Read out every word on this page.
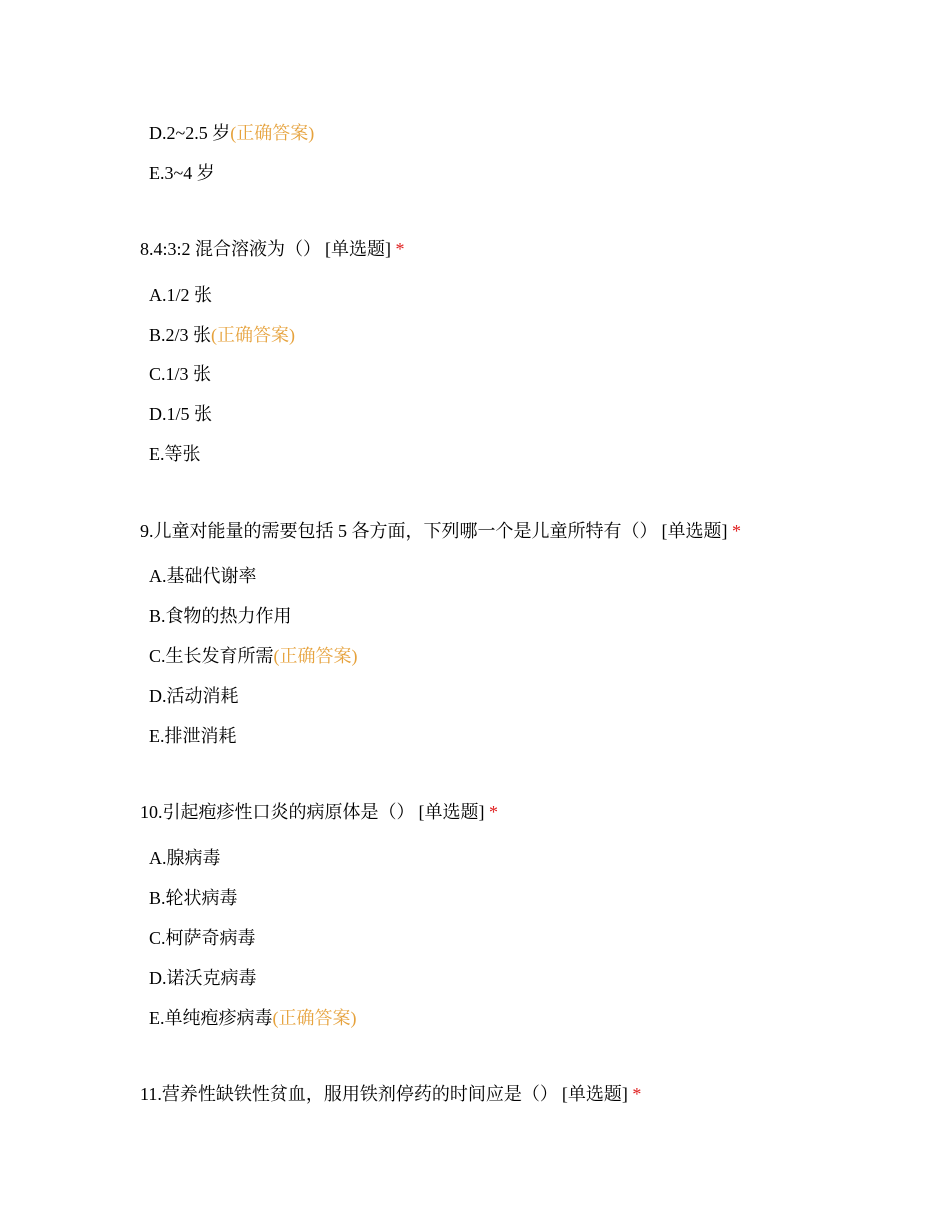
D.2~2.5 岁(正确答案)
E.3~4 岁
8.4:3:2 混合溶液为（） [单选题] *
A.1/2 张
B.2/3 张(正确答案)
C.1/3 张
D.1/5 张
E.等张
9.儿童对能量的需要包括 5 各方面，下列哪一个是儿童所特有（） [单选题] *
A.基础代谢率
B.食物的热力作用
C.生长发育所需(正确答案)
D.活动消耗
E.排泄消耗
10.引起疱疹性口炎的病原体是（） [单选题] *
A.腺病毒
B.轮状病毒
C.柯萨奇病毒
D.诺沃克病毒
E.单纯疱疹病毒(正确答案)
11.营养性缺铁性贫血，服用铁剂停药的时间应是（） [单选题] *
